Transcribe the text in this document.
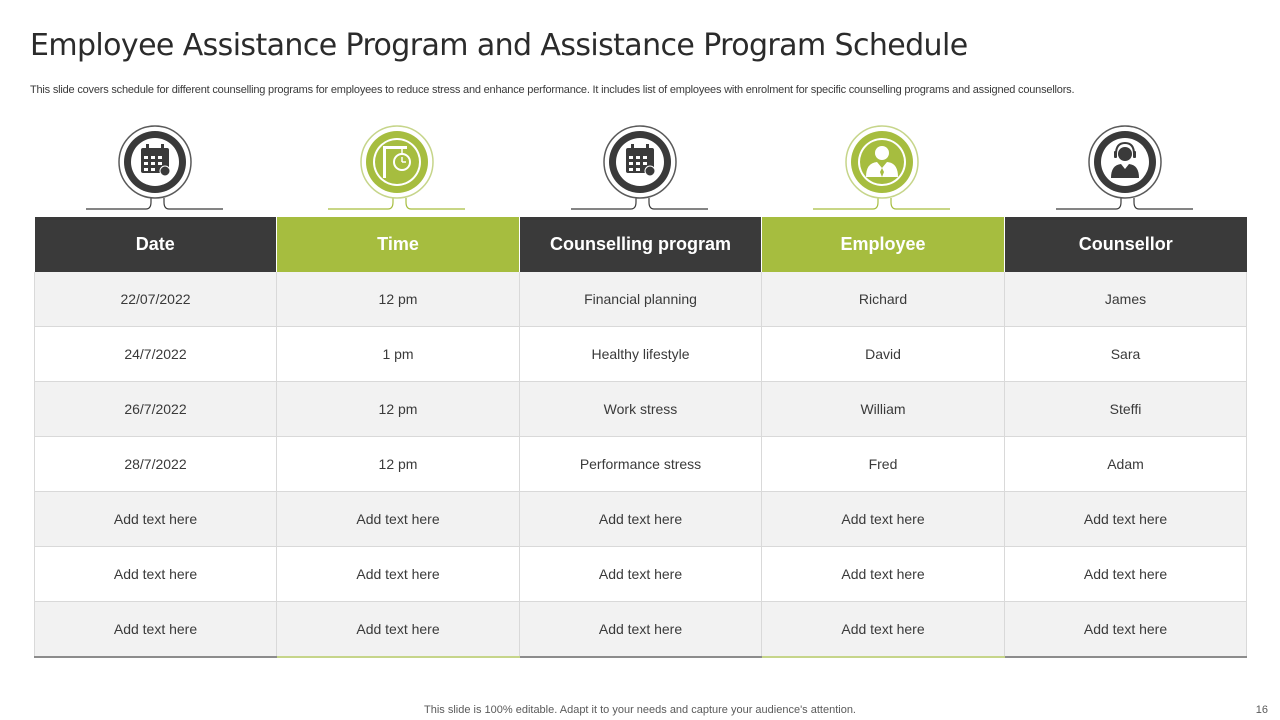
Employee Assistance Program and Assistance Program Schedule

This slide covers schedule for different counselling programs for employees to reduce stress and enhance performance. It includes list of employees with enrolment for specific counselling programs and assigned counsellors.

Date	Time	Counselling program	Employee	Counsellor
22/07/2022	12 pm	Financial planning	Richard	James
24/7/2022	1 pm	Healthy lifestyle	David	Sara
26/7/2022	12 pm	Work stress	William	Steffi
28/7/2022	12 pm	Performance stress	Fred	Adam
Add text here	Add text here	Add text here	Add text here	Add text here
Add text here	Add text here	Add text here	Add text here	Add text here
Add text here	Add text here	Add text here	Add text here	Add text here
This slide is 100% editable. Adapt it to your needs and capture your audience's attention.	16
